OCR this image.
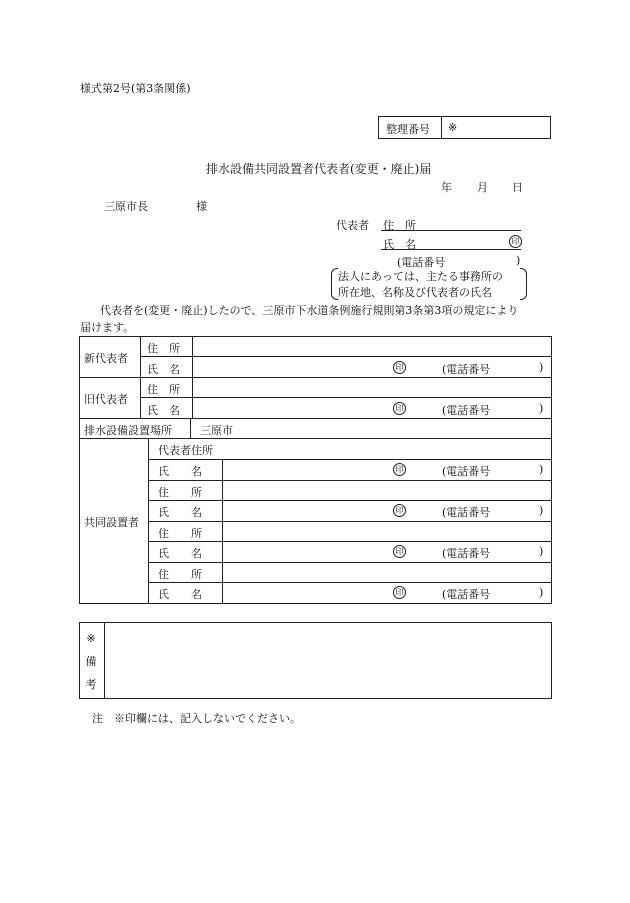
様式第2号(第3条関係)
整理番号 ※
排水設備共同設置者代表者(変更・廃止)届
年 月 日
三原市長	様
代表者 住　所
氏　名	印
(電話番号	)
法人にあっては、主たる事務所の
所在地、名称及び代表者の氏名
代表者を(変更・廃止)したので、三原市下水道条例施行規則第3条第3項の規定により
届けます。
新代表者
住　所
氏　名	印	(電話番号	)
旧代表者
住　所
氏　名	印	(電話番号	)
排水設備設置場所	三原市
共同設置者
代表者住所
氏　　名	印	(電話番号	)
住　　所
氏　　名	印	(電話番号	)
住　　所
氏　　名	印	(電話番号	)
住　　所
氏　　名	印	(電話番号	)
※
備
考
注　※印欄には、記入しないでください。
